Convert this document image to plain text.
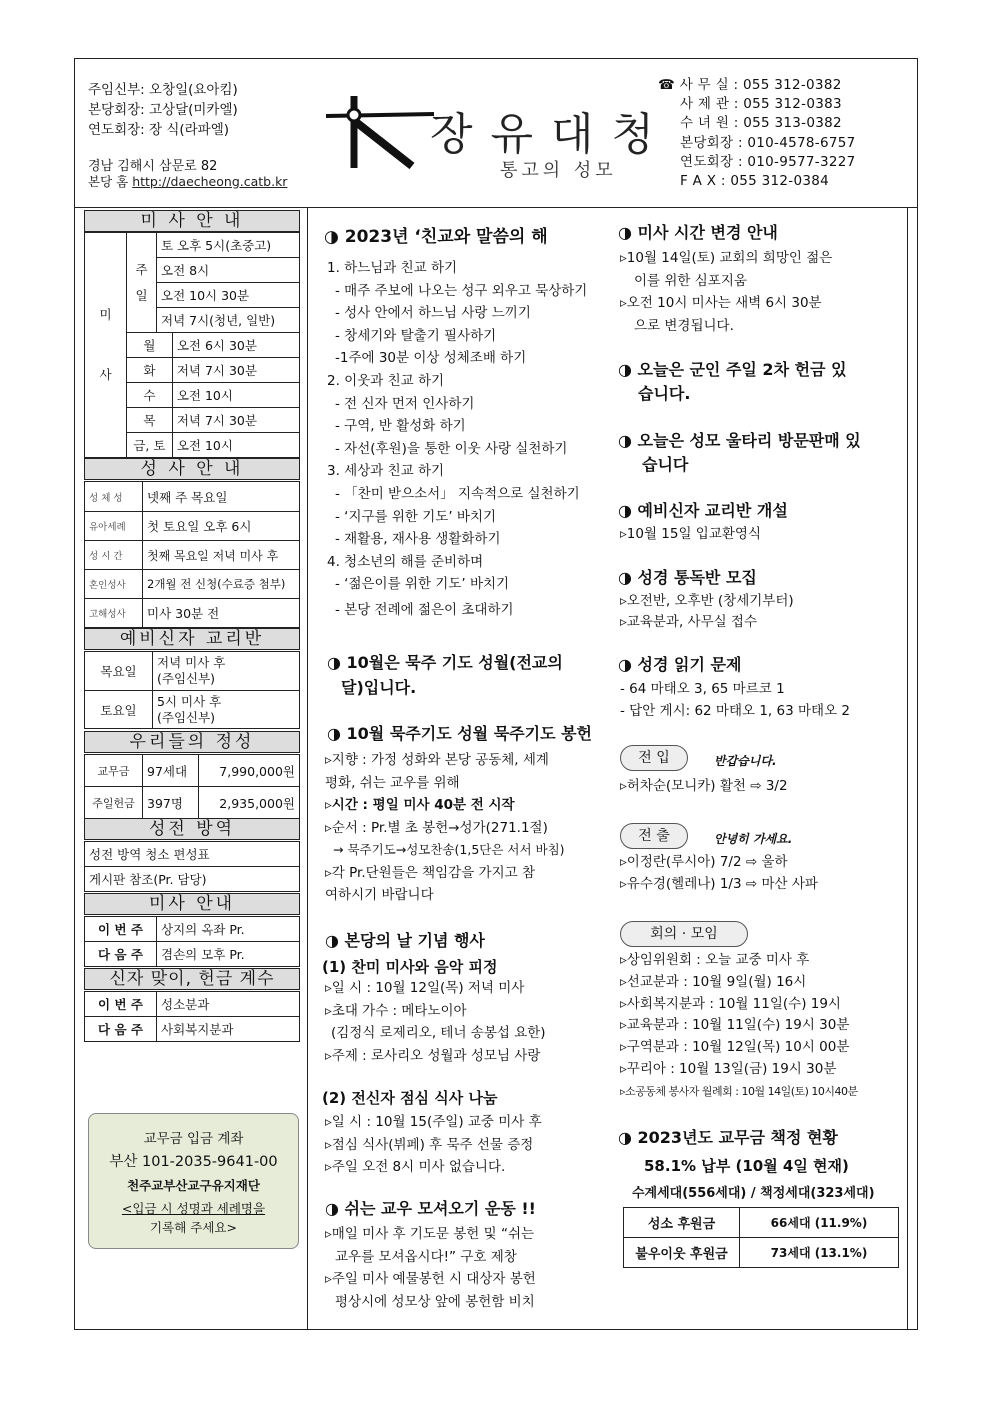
주임신부: 오창일(요아킴)
본당회장: 고상달(미카엘)
연도회장: 장 식(라파엘)
경남 김해시 삼문로 82
본당 홈 http://daecheong.catb.kr
장유대청
통고의 성모
☎ 사 무 실 : 055 312-0382
사 제 관 : 055 312-0383
수 녀 원 : 055 313-0382
본당회장 : 010-4578-6757
연도회장 : 010-9577-3227
F A X : 055 312-0384
미 사 안 내
미
사	주
일	토 오후 5시(초중고)	
		오전 8시	
		오전 10시 30분	
		저녁 7시(청년, 일반)	
	월		오전 6시 30분
	화		저녁 7시 30분
	수		오전 10시
	목		저녁 7시 30분
	금, 토		오전 10시
성 사 안 내
성 체 성	넷째 주 목요일
유아세례	첫 토요일 오후 6시
성 시 간	첫째 목요일 저녁 미사 후
혼인성사	2개월 전 신청(수료증 첨부)
고해성사	미사 30분 전
예비신자 교리반
목요일	저녁 미사 후
(주임신부)

토요일	5시 미사 후
(주임신부)
우리들의 정성
교무금	97세대	7,990,000원
주일헌금	397명	2,935,000원
성전 방역
성전 방역 청소 편성표
게시판 참조(Pr. 담당)
미사 안내
이 번 주	상지의 옥좌 Pr.
다 음 주	겸손의 모후 Pr.
신자 맞이, 헌금 계수
이 번 주	성소분과
다 음 주	사회복지분과
교무금 입금 계좌
부산 101-2035-9641-00
천주교부산교구유지재단
<입금 시 성명과 세례명을
기록해 주세요>
◑ 2023년 ‘친교와 말씀의 해
1. 하느님과 친교 하기
- 매주 주보에 나오는 성구 외우고 묵상하기
- 성사 안에서 하느님 사랑 느끼기
- 창세기와 탈출기 필사하기
-1주에 30분 이상 성체조배 하기
2. 이웃과 친교 하기
- 전 신자 먼저 인사하기
- 구역, 반 활성화 하기
- 자선(후원)을 통한 이웃 사랑 실천하기
3. 세상과 친교 하기
- 「찬미 받으소서」 지속적으로 실천하기
- ‘지구를 위한 기도’ 바치기
- 재활용, 재사용 생활화하기
4. 청소년의 해를 준비하며
- ‘젊은이를 위한 기도’ 바치기
- 본당 전례에 젊은이 초대하기
◑ 10월은 묵주 기도 성월(전교의
달)입니다.
◑ 10월 묵주기도 성월 묵주기도 봉헌
▹지향 : 가정 성화와 본당 공동체, 세계
평화, 쉬는 교우를 위해
▹시간 : 평일 미사 40분 전 시작
▹순서 : Pr.별 초 봉헌→성가(271.1절)
→ 묵주기도→성모찬송(1,5단은 서서 바침)
▹각 Pr.단원들은 책임감을 가지고 참
여하시기 바랍니다
◑ 본당의 날 기념 행사
(1) 찬미 미사와 음악 피정
▹일 시 : 10월 12일(목) 저녁 미사
▹초대 가수 : 메타노이아
(김정식 로제리오, 테너 송봉섭 요한)
▹주제 : 로사리오 성월과 성모님 사랑
(2) 전신자 점심 식사 나눔
▹일 시 : 10월 15(주일) 교중 미사 후
▹점심 식사(뷔페) 후 묵주 선물 증정
▹주일 오전 8시 미사 없습니다.
◑ 쉬는 교우 모셔오기 운동 !!
▹매일 미사 후 기도문 봉헌 및 “쉬는
교우를 모셔옵시다!” 구호 제창
▹주일 미사 예물봉헌 시 대상자 봉헌
평상시에 성모상 앞에 봉헌함 비치
◑ 미사 시간 변경 안내
▹10월 14일(토) 교회의 희망인 젊은
이를 위한 심포지움
▹오전 10시 미사는 새벽 6시 30분
으로 변경됩니다.
◑ 오늘은 군인 주일 2차 헌금 있
습니다.
◑ 오늘은 성모 울타리 방문판매 있
습니다
◑ 예비신자 교리반 개설
▹10월 15일 입교환영식
◑ 성경 통독반 모집
▹오전반, 오후반 (창세기부터)
▹교육분과, 사무실 접수
◑ 성경 읽기 문제
- 64 마태오 3, 65 마르코 1
- 답안 게시: 62 마태오 1, 63 마태오 2
전 입	반갑습니다.
▹허차순(모니카) 활천 ⇨ 3/2
전 출	안녕히 가세요.
▹이정란(루시아) 7/2 ⇨ 울하
▹유수경(헬레나) 1/3 ⇨ 마산 사파
회의 · 모임
▹상임위원회 : 오늘 교중 미사 후
▹선교분과 : 10월 9일(월) 16시
▹사회복지분과 : 10월 11일(수) 19시
▹교육분과 : 10월 11일(수) 19시 30분
▹구역분과 : 10월 12일(목) 10시 00분
▹꾸리아 : 10월 13일(금) 19시 30분
▹소공동체 봉사자 월례회 : 10월 14일(토) 10시40분
◑ 2023년도 교무금 책정 현황
58.1% 납부 (10월 4일 현재)
수계세대(556세대) / 책정세대(323세대)
성소 후원금	66세대 (11.9%)
불우이웃 후원금	73세대 (13.1%)
